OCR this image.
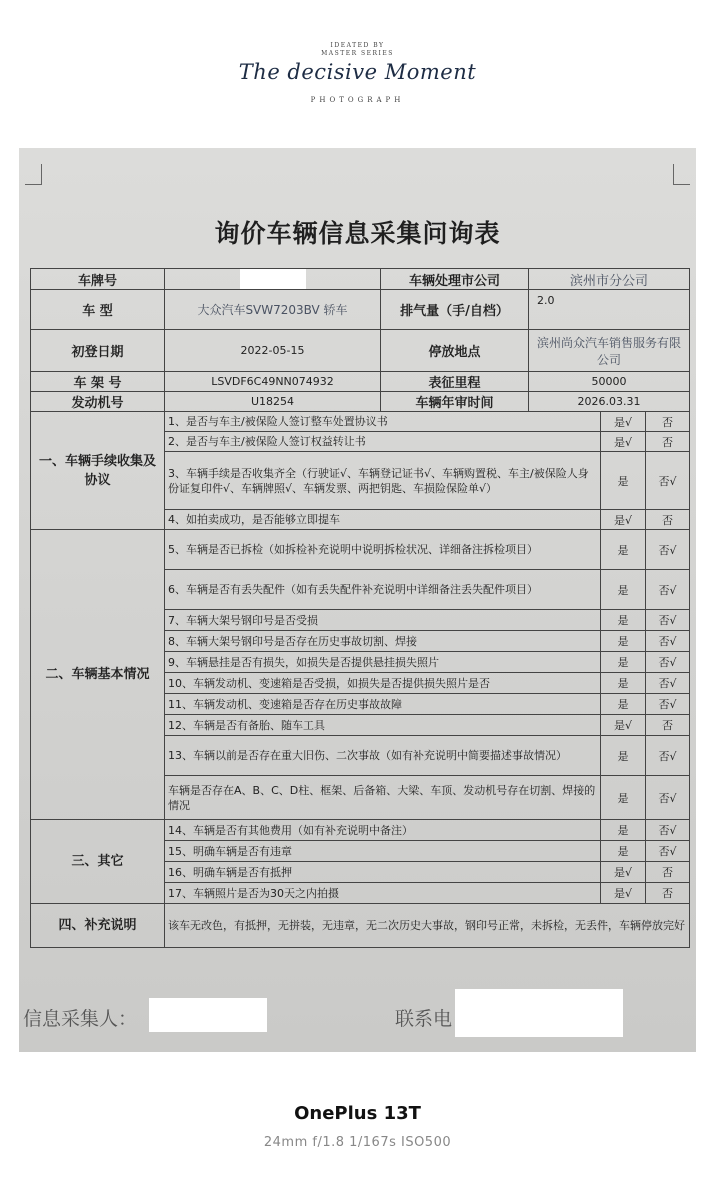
IDEATED BY
MASTER SERIES
The decisive Moment
PHOTOGRAPH
询价车辆信息采集问询表
车牌号		车辆处理市公司	滨州市分公司		
车 型	大众汽车SVW7203BV 轿车	排气量（手/自档）	2.0		
初登日期	2022-05-15	停放地点	滨州尚众汽车销售服务有限公司		
车 架 号	LSVDF6C49NN074932	表征里程	50000		
发动机号	U18254	车辆年审时间	2026.03.31		
一、车辆手续收集及协议	1、是否与车主/被保险人签订整车处置协议书			是√	否
	2、是否与车主/被保险人签订权益转让书			是√	否
	3、车辆手续是否收集齐全（行驶证√、车辆登记证书√、车辆购置税、车主/被保险人身份证复印件√、车辆牌照√、车辆发票、两把钥匙、车损险保险单√）			是	否√
	4、如拍卖成功，是否能够立即提车			是√	否
二、车辆基本情况	5、车辆是否已拆检（如拆检补充说明中说明拆检状况、详细备注拆检项目）			是	否√
	6、车辆是否有丢失配件（如有丢失配件补充说明中详细备注丢失配件项目）			是	否√
	7、车辆大架号钢印号是否受损			是	否√
	8、车辆大架号钢印号是否存在历史事故切割、焊接			是	否√
	9、车辆悬挂是否有损失，如损失是否提供悬挂损失照片			是	否√
	10、车辆发动机、变速箱是否受损，如损失是否提供损失照片是否			是	否√
	11、车辆发动机、变速箱是否存在历史事故故障			是	否√
	12、车辆是否有备胎、随车工具			是√	否
	13、车辆以前是否存在重大旧伤、二次事故（如有补充说明中简要描述事故情况）			是	否√
	车辆是否存在A、B、C、D柱、框架、后备箱、大梁、车顶、发动机号存在切割、焊接的情况			是	否√
三、其它	14、车辆是否有其他费用（如有补充说明中备注）			是	否√
	15、明确车辆是否有违章			是	否√
	16、明确车辆是否有抵押			是√	否
	17、车辆照片是否为30天之内拍摄			是√	否
四、补充说明	该车无改色，有抵押，无拼装，无违章，无二次历史大事故，钢印号正常，未拆检，无丢件，车辆停放完好				
信息采集人：	联系电
OnePlus 13T
24mm f/1.8 1/167s ISO500
